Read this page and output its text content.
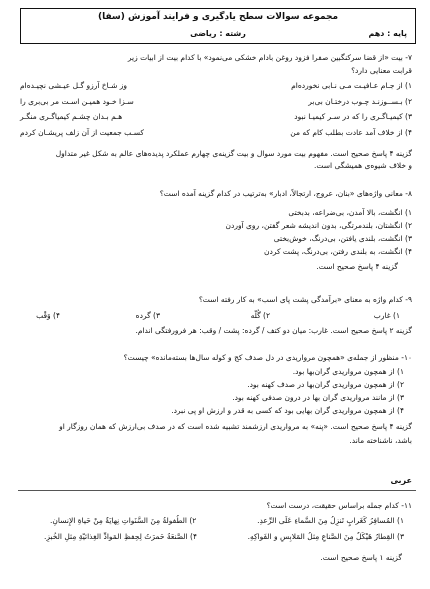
مجموعه سوالات سطح یادگیری و فرایند آموزش (سفا)
پایه : دهم
رشته : ریاضی
۷- بیت «از قضا سرکنگبین صفرا فزود روغن بادام خشکی می‌نمود» با کدام بیت از ابیات زیر
قرابت معنایی دارد؟
۱) از جـام عـافیـت مـی نـابی نخورده‌ام
وز شـاخ آرزو گـل عیـشی نچیـده‌ام
۲) بـســوزنـد چـوب درختـان بی‌بر
سـزا خـود همیـن اسـت مر بی‌بری را
۳) کیمیـاگـری را که در سـر کیمیـا نبود
هـم بـدان چشـم کیمیاگـری منگـر
۴) از خلاف آمد عادت بطلب کام که من
کسـب جمعیت از آن زلف پریشـان کردم
گزینه ۴ پاسخ صحیح است. مفهوم بیت مورد سوال و بیت گزینه‌ی چهارم عملکرد پدیده‌های عالم به شکل غیر متداول
و خلاف شیوه‌ی همیشگی است.
۸- معانی واژه‌های «بنان، عروج، ارتجالاً، ادبار» به‌ترتیب در کدام گزینه آمده است؟
۱) انگشت، بالا آمدن، بی‌ضراعه، بدبختی
۲) انگشتان، بلندمرتگی، بدون اندیشه شعر گفتن، روی آوردن
۳) انگشت، بلندی یافتن، بی‌درنگ، خوش‌بختی
۴) انگشت، به بلندی رفتن، بی‌درنگ، پشت کردن
گزینه ۴ پاسخ صحیح است.
۹- کدام واژه به معنای «برآمدگی پشت پای اسب» به کار رفته است؟
۱) غارب
۲) گُلّه
۳) گرده
۴) وَقْب
گزینه ۲ پاسخ صحیح است. غارب: میان دو کتف / گرده: پشت / وقب: هر فرورفتگی اندام.
۱۰- منظور از جمله‌ی «همچون مرواریدی در دل صدف کج و کوله سال‌ها بسته‌مانده» چیست؟
۱) از همچون مرواریدی گران‌بها بود.
۲) از همچون مرواریدی گران‌بها در صدف کهنه بود.
۳) از مانند مرواریدی گران بها در درون صدفی کهنه بود.
۴) از همچون مرواریدی گران بهایی بود که کسی به قدر و ارزش او پی نبرد.
گزینه ۴ پاسخ صحیح است. «پنه» به مرواریدی ارزشمند تشبیه شده است که در صدف بی‌ارزش که همان روزگار او
باشد، ناشناخته ماند.
عربی
۱۱- کدام جمله براساس حقیقت، درست است؟
۱) المُسافِرُ کَغَرابٍ تَنزِلُ مِنَ السَّماءِ عَلَی الرِّعدِ.
۲) الطُفولةُ مِنَ السَّنَواتِ نِهايَةٌ مِنْ حَياةِ الإِنسانِ.
۳) القِطارُ هَيْكَلٌ مِنَ الصَّناعِ مِثلُ المَلابِسِ و الفَواكِهِ.
۴) الصَّنعَةُ حَمرَتُ لِحِفظِ المَوادِّ الغِذائيّةِ مِثلِ الخُبزِ.
گزینه ۱ پاسخ صحیح است.
